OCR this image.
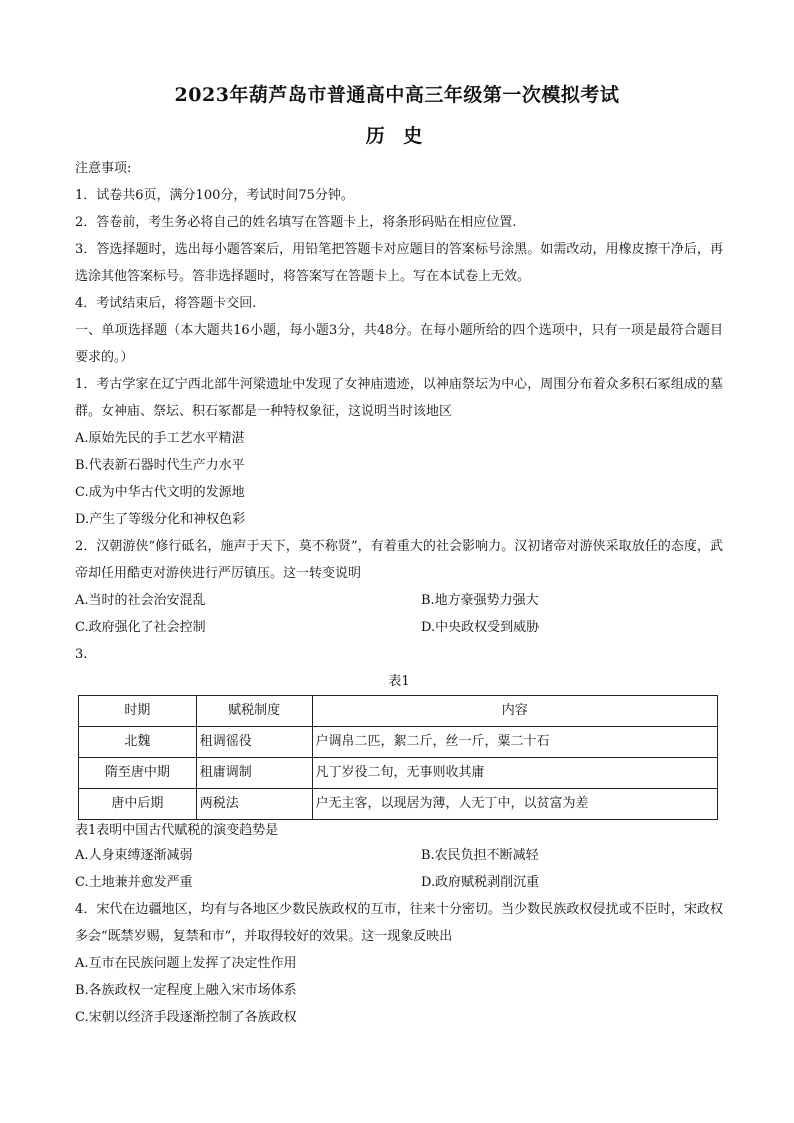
2023年葫芦岛市普通高中高三年级第一次模拟考试
历 史
注意事项:
1．试卷共6页，满分100分，考试时间75分钟。
2．答卷前，考生务必将自己的姓名填写在答题卡上，将条形码贴在相应位置.
3．答选择题时，选出每小题答案后，用铅笔把答题卡对应题目的答案标号涂黑。如需改动，用橡皮擦干净后，再选涂其他答案标号。答非选择题时，将答案写在答题卡上。写在本试卷上无效。
4．考试结束后，将答题卡交回.
一、单项选择题（本大题共16小题，每小题3分，共48分。在每小题所给的四个选项中，只有一项是最符合题目要求的。）
1．考古学家在辽宁西北部牛河梁遗址中发现了女神庙遗迹，以神庙祭坛为中心，周围分布着众多积石冢组成的墓群。女神庙、祭坛、积石冢都是一种特权象征，这说明当时该地区
A.原始先民的手工艺水平精湛
B.代表新石器时代生产力水平
C.成为中华古代文明的发源地
D.产生了等级分化和神权色彩
2．汉朝游侠“修行砥名，施声于天下，莫不称贤”，有着重大的社会影响力。汉初诸帝对游侠采取放任的态度，武帝却任用酷吏对游侠进行严厉镇压。这一转变说明
A.当时的社会治安混乱	B.地方豪强势力强大
C.政府强化了社会控制	D.中央政权受到威胁
3.
表1
时期	赋税制度	内容
北魏	租调徭役	户调帛二匹，絮二斤，丝一斤，粟二十石
隋至唐中期	租庸调制	凡丁岁役二旬，无事则收其庸
唐中后期	两税法	户无主客，以现居为薄，人无丁中，以贫富为差
表1表明中国古代赋税的演变趋势是
A.人身束缚逐渐减弱	B.农民负担不断减轻
C.土地兼并愈发严重	D.政府赋税剥削沉重
4．宋代在边疆地区，均有与各地区少数民族政权的互市，往来十分密切。当少数民族政权侵扰或不臣时，宋政权多会“既禁岁赐，复禁和市”，并取得较好的效果。这一现象反映出
A.互市在民族问题上发挥了决定性作用
B.各族政权一定程度上融入宋市场体系
C.宋朝以经济手段逐渐控制了各族政权
